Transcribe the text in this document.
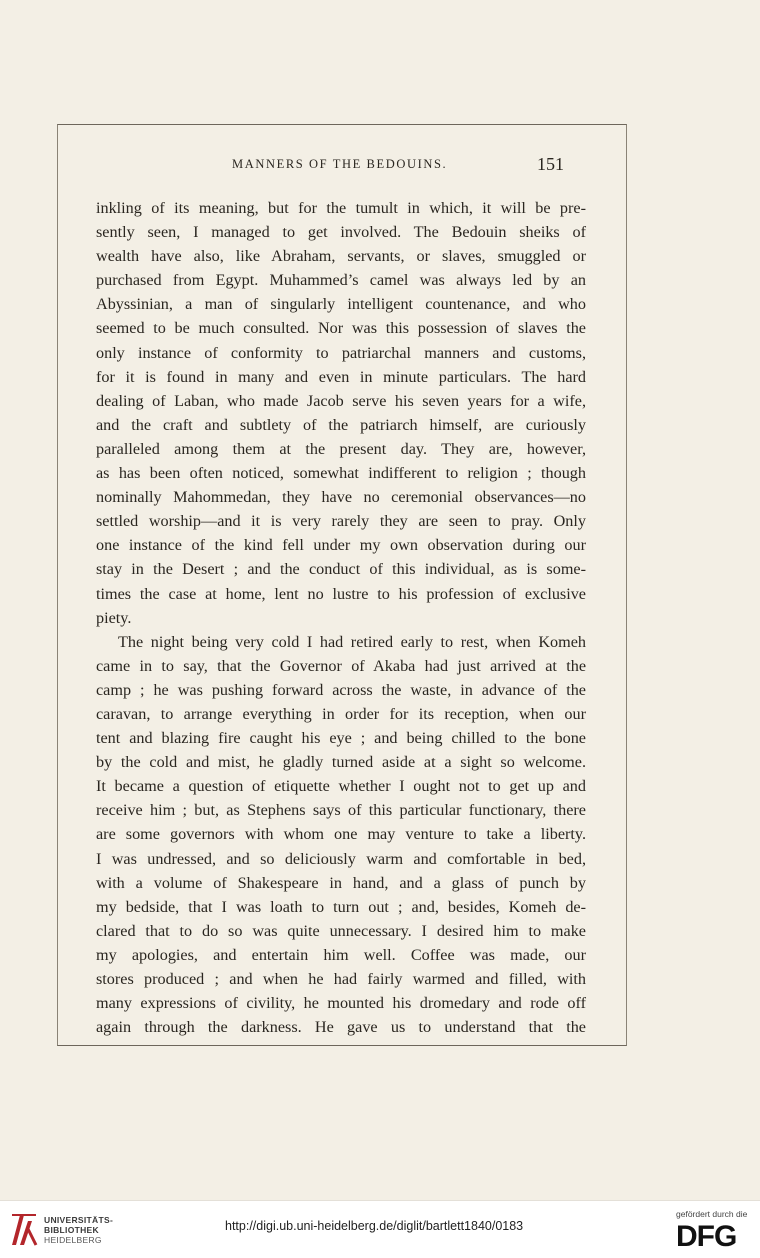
MANNERS OF THE BEDOUINS.	151
inkling of its meaning, but for the tumult in which, it will be pre-
sently seen, I managed to get involved. The Bedouin sheiks of
wealth have also, like Abraham, servants, or slaves, smuggled or
purchased from Egypt. Muhammed’s camel was always led by an
Abyssinian, a man of singularly intelligent countenance, and who
seemed to be much consulted. Nor was this possession of slaves the
only instance of conformity to patriarchal manners and customs,
for it is found in many and even in minute particulars. The hard
dealing of Laban, who made Jacob serve his seven years for a wife,
and the craft and subtlety of the patriarch himself, are curiously
paralleled among them at the present day. They are, however,
as has been often noticed, somewhat indifferent to religion ; though
nominally Mahommedan, they have no ceremonial observances—no
settled worship—and it is very rarely they are seen to pray. Only
one instance of the kind fell under my own observation during our
stay in the Desert ; and the conduct of this individual, as is some-
times the case at home, lent no lustre to his profession of exclusive
piety.
The night being very cold I had retired early to rest, when Komeh
came in to say, that the Governor of Akaba had just arrived at the
camp ; he was pushing forward across the waste, in advance of the
caravan, to arrange everything in order for its reception, when our
tent and blazing fire caught his eye ; and being chilled to the bone
by the cold and mist, he gladly turned aside at a sight so welcome.
It became a question of etiquette whether I ought not to get up and
receive him ; but, as Stephens says of this particular functionary, there
are some governors with whom one may venture to take a liberty.
I was undressed, and so deliciously warm and comfortable in bed,
with a volume of Shakespeare in hand, and a glass of punch by
my bedside, that I was loath to turn out ; and, besides, Komeh de-
clared that to do so was quite unnecessary. I desired him to make
my apologies, and entertain him well. Coffee was made, our
stores produced ; and when he had fairly warmed and filled, with
many expressions of civility, he mounted his dromedary and rode off
again through the darkness. He gave us to understand that the
UNIVERSITÄTS-
BIBLIOTHEK
HEIDELBERG
http://digi.ub.uni-heidelberg.de/diglit/bartlett1840/0183
gefördert durch die
DFG
